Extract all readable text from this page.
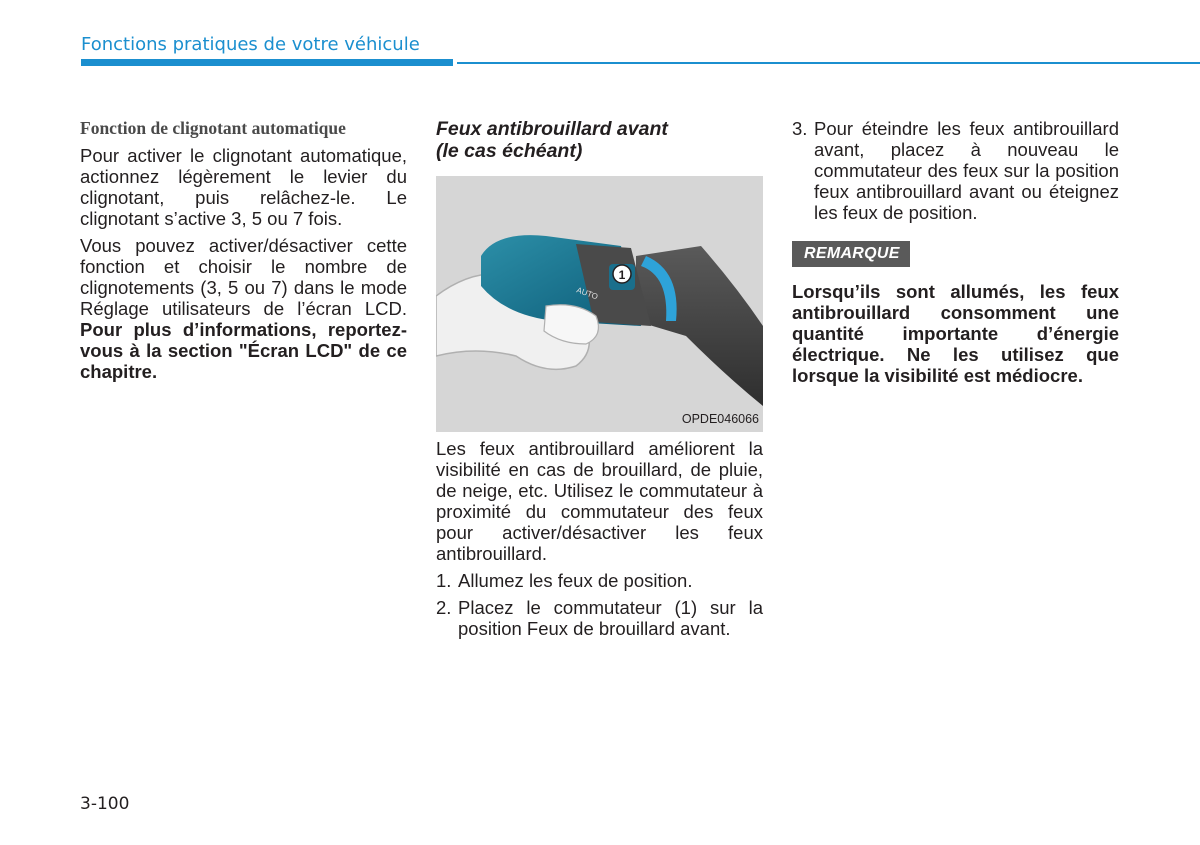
Fonctions pratiques de votre véhicule
Fonction de clignotant automatique

Pour activer le clignotant automatique, actionnez légèrement le levier du clignotant, puis relâchez-le. Le clignotant s’active 3, 5 ou 7 fois.

Vous pouvez activer/désactiver cette fonction et choisir le nombre de clignotements (3, 5 ou 7) dans le mode Réglage utilisateurs de l’écran LCD. Pour plus d’informations, reportez-vous à la section "Écran LCD" de ce chapitre.

Feux antibrouillard avant
(le cas échéant)
1
AUTO
OPDE046066

Les feux antibrouillard améliorent la visibilité en cas de brouillard, de pluie, de neige, etc. Utilisez le commutateur à proximité du commutateur des feux pour activer/désactiver les feux antibrouillard.

1. Allumez les feux de position.
2. Placez le commutateur (1) sur la position Feux de brouillard avant.
3. Pour éteindre les feux antibrouillard avant, placez à nouveau le commutateur des feux sur la position feux antibrouillard avant ou éteignez les feux de position.
REMARQUE

Lorsqu’ils sont allumés, les feux antibrouillard consomment une quantité importante d’énergie électrique. Ne les utilisez que lorsque la visibilité est médiocre.

3-100
